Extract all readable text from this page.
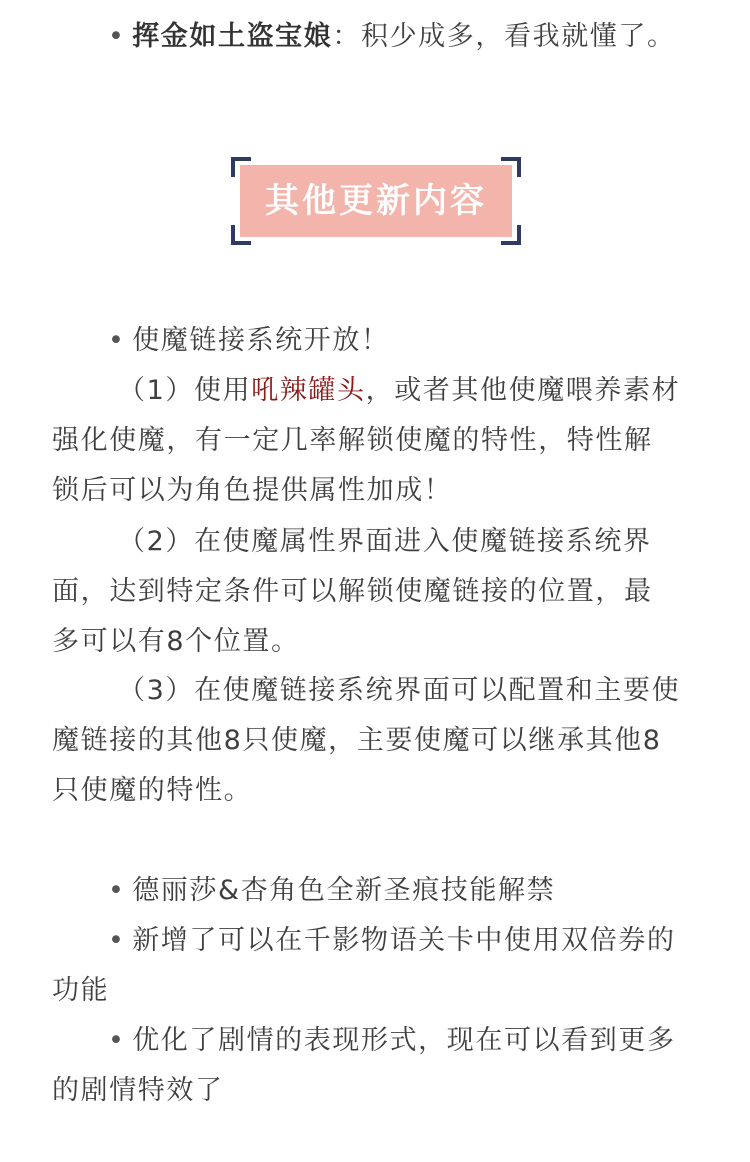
• 挥金如土盗宝娘：积少成多，看我就懂了。
其他更新内容
• 使魔链接系统开放！
（1）使用吼辣罐头，或者其他使魔喂养素材
强化使魔，有一定几率解锁使魔的特性，特性解
锁后可以为角色提供属性加成！
（2）在使魔属性界面进入使魔链接系统界
面，达到特定条件可以解锁使魔链接的位置，最
多可以有8个位置。
（3）在使魔链接系统界面可以配置和主要使
魔链接的其他8只使魔，主要使魔可以继承其他8
只使魔的特性。
• 德丽莎&杏角色全新圣痕技能解禁
• 新增了可以在千影物语关卡中使用双倍券的
功能
• 优化了剧情的表现形式，现在可以看到更多
的剧情特效了
